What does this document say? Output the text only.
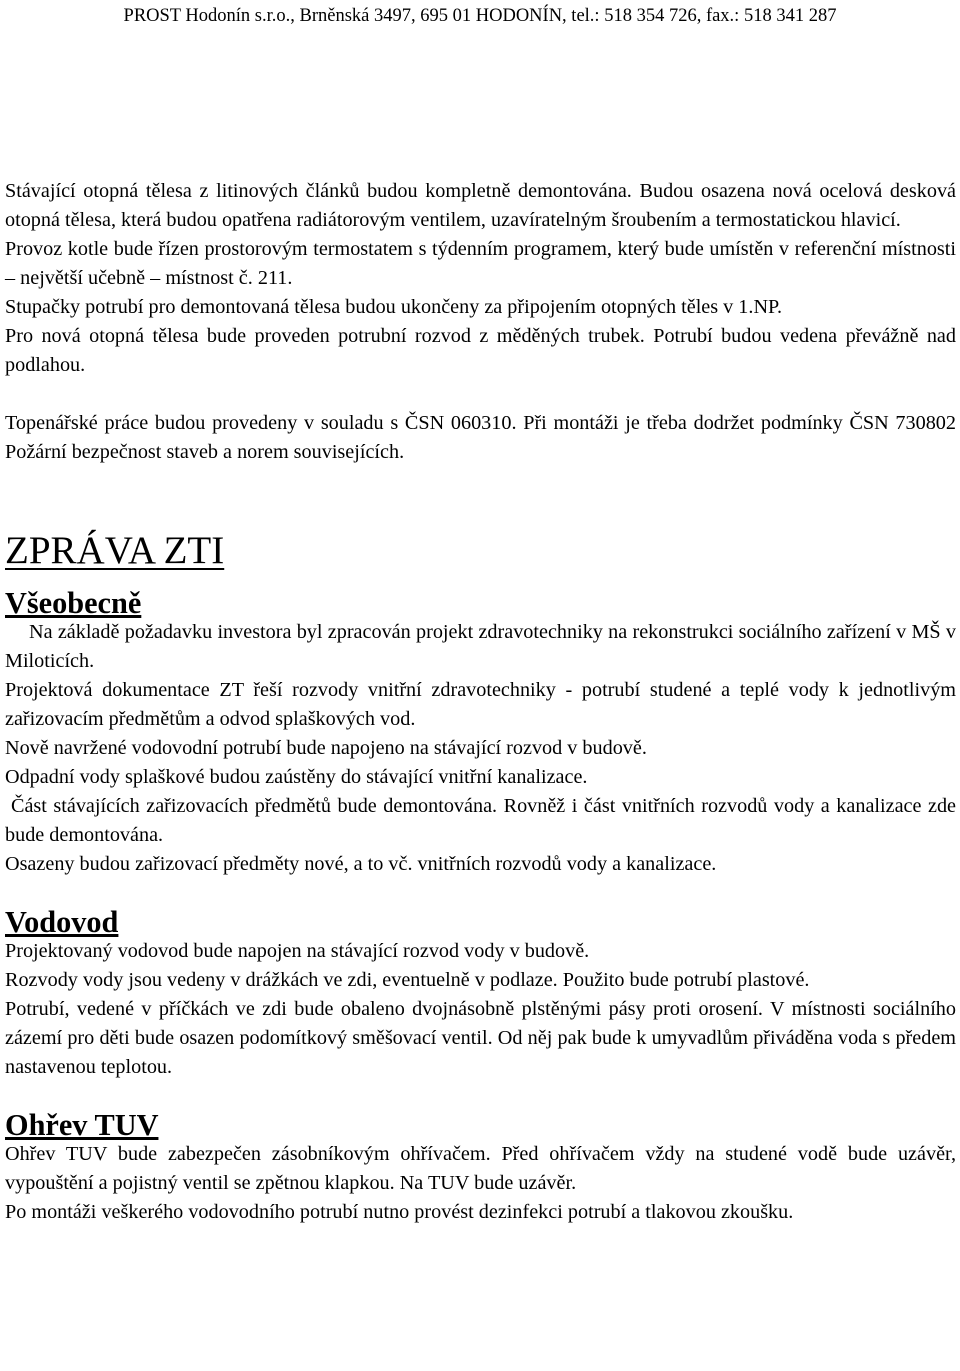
PROST Hodonín s.r.o., Brněnská 3497, 695 01 HODONÍN, tel.: 518 354 726, fax.: 518 341 287

Stávající otopná tělesa z litinových článků budou kompletně demontována. Budou osazena nová ocelová desková otopná tělesa, která budou opatřena radiátorovým ventilem, uzavíratelným šroubením a termostatickou hlavicí.

Provoz kotle bude řízen prostorovým termostatem s týdenním programem, který bude umístěn v referenční místnosti – největší učebně – místnost č. 211.

Stupačky potrubí pro demontovaná tělesa budou ukončeny za připojením otopných těles v 1.NP.

Pro nová otopná tělesa bude proveden potrubní rozvod z měděných trubek. Potrubí budou vedena převážně nad podlahou.

Topenářské práce budou provedeny v souladu s ČSN 060310. Při montáži je třeba dodržet podmínky ČSN 730802 Požární bezpečnost staveb a norem souvisejících.

ZPRÁVA ZTI
Všeobecně

Na základě požadavku investora byl zpracován projekt zdravotechniky na rekonstrukci sociálního zařízení v MŠ v Miloticích.

Projektová dokumentace ZT řeší rozvody vnitřní zdravotechniky - potrubí studené a teplé vody k jednotlivým zařizovacím předmětům a odvod splaškových vod.

Nově navržené vodovodní potrubí bude napojeno na stávající rozvod v budově.

Odpadní vody splaškové budou zaústěny do stávající vnitřní kanalizace.

Část stávajících zařizovacích předmětů bude demontována. Rovněž i část vnitřních rozvodů vody a kanalizace zde bude demontována.

Osazeny budou zařizovací předměty nové, a to vč. vnitřních rozvodů vody a kanalizace.

Vodovod

Projektovaný vodovod bude napojen na stávající rozvod vody v budově.

Rozvody vody jsou vedeny v drážkách ve zdi, eventuelně v podlaze. Použito bude potrubí plastové.

Potrubí, vedené v příčkách ve zdi bude obaleno dvojnásobně plstěnými pásy proti orosení. V místnosti sociálního zázemí pro děti bude osazen podomítkový směšovací ventil. Od něj pak bude k umyvadlům přiváděna voda s předem nastavenou teplotou.

Ohřev TUV

Ohřev TUV bude zabezpečen zásobníkovým ohřívačem. Před ohřívačem vždy na studené vodě bude uzávěr, vypouštění a pojistný ventil se zpětnou klapkou. Na TUV bude uzávěr.

Po montáži veškerého vodovodního potrubí nutno provést dezinfekci potrubí a tlakovou zkoušku.
